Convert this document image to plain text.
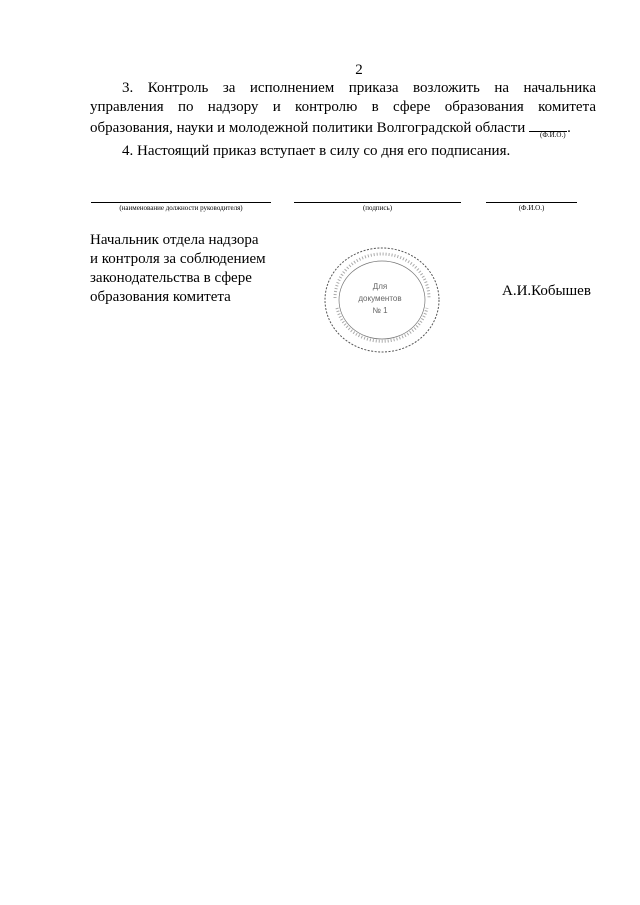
2

3. Контроль за исполнением приказа возложить на начальника управления по надзору и контролю в сфере образования комитета образования, науки и молодежной политики Волгоградской области	.

(Ф.И.О.)

4. Настоящий приказ вступает в силу со дня его подписания.

(наименование должности руководителя)	(подпись)	(Ф.И.О.)
Начальник отдела надзора
и контроля за соблюдением
законодательства в сфере
образования комитета	А.И.Кобышев
Для
документов
№ 1
